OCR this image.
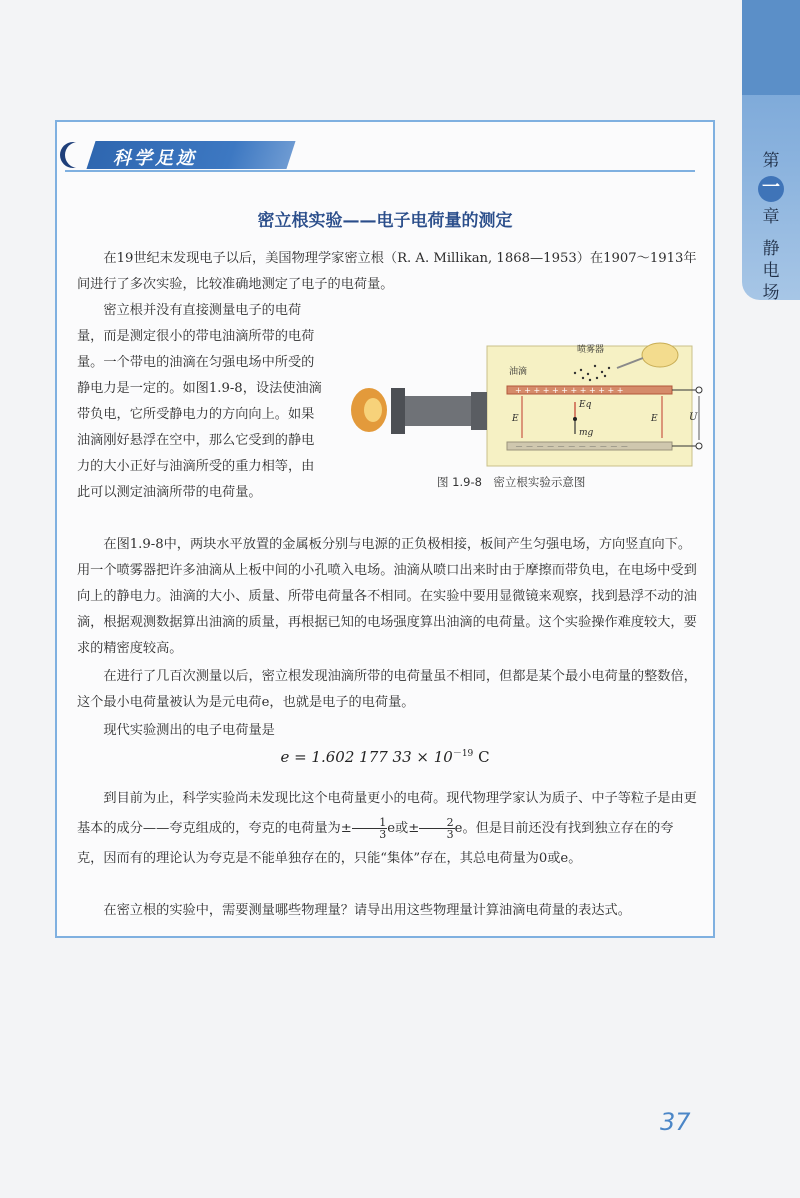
第
一
章
静电场
科学足迹
密立根实验——电子电荷量的测定
在19世纪末发现电子以后，美国物理学家密立根（R. A. Millikan, 1868—1953）在1907～1913年间进行了多次实验，比较准确地测定了电子的电荷量。
密立根并没有直接测量电子的电荷量，而是测定很小的带电油滴所带的电荷量。一个带电的油滴在匀强电场中所受的静电力是一定的。如图1.9-8，设法使油滴带负电，它所受静电力的方向向上。如果油滴刚好悬浮在空中，那么它受到的静电力的大小正好与油滴所受的重力相等，由此可以测定油滴所带的电荷量。
+ + + + + + + + + + + +
－ － － － － － － － － － －
喷雾器
油滴
E	E
Eq
mg
U
图 1.9-8　密立根实验示意图
在图1.9-8中，两块水平放置的金属板分别与电源的正负极相接，板间产生匀强电场，方向竖直向下。用一个喷雾器把许多油滴从上板中间的小孔喷入电场。油滴从喷口出来时由于摩擦而带负电，在电场中受到向上的静电力。油滴的大小、质量、所带电荷量各不相同。在实验中要用显微镜来观察，找到悬浮不动的油滴，根据观测数据算出油滴的质量，再根据已知的电场强度算出油滴的电荷量。这个实验操作难度较大，要求的精密度较高。
在进行了几百次测量以后，密立根发现油滴所带的电荷量虽不相同，但都是某个最小电荷量的整数倍，这个最小电荷量被认为是元电荷e，也就是电子的电荷量。
现代实验测出的电子电荷量是
e = 1.602 177 $33 \times 10^{-19}$ C
到目前为止，科学实验尚未发现比这个电荷量更小的电荷。现代物理学家认为质子、中子等粒子是由更基本的成分——夸克组成的，夸克的电荷量为± $\frac{1}{3}$ e或± $\frac{2}{3}$ e。但是目前还没有找到独立存在的夸克，因而有的理论认为夸克是不能单独存在的，只能“集体”存在，其总电荷量为0或e。
在密立根的实验中，需要测量哪些物理量？请导出用这些物理量计算油滴电荷量的表达式。
37
